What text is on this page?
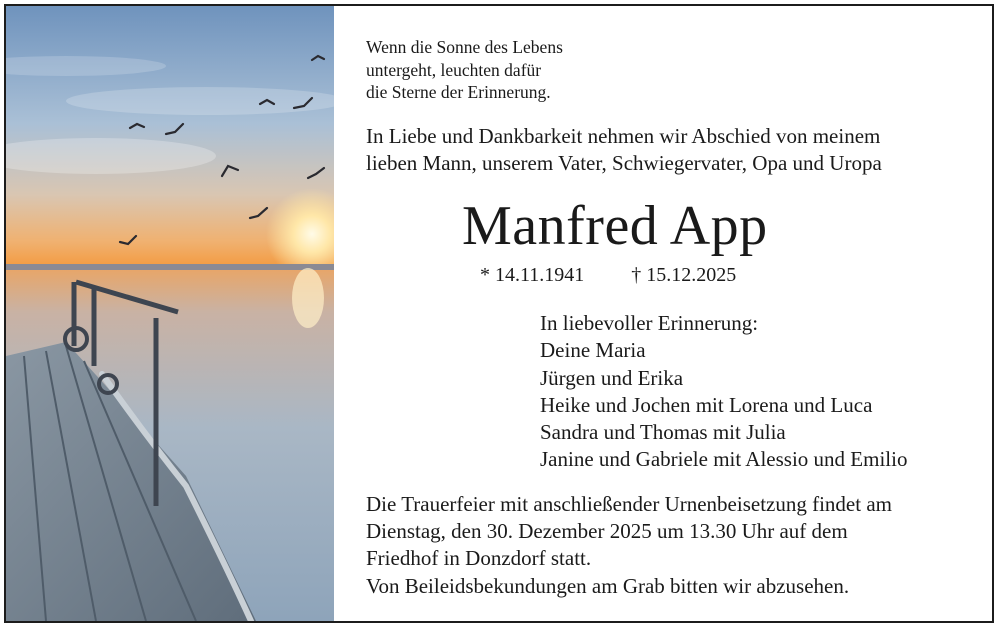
Wenn die Sonne des Lebens
untergeht, leuchten dafür
die Sterne der Erinnerung.
In Liebe und Dankbarkeit nehmen wir Abschied von meinem
lieben Mann, unserem Vater, Schwiegervater, Opa und Uropa
Manfred App
* 14.11.1941 † 15.12.2025
In liebevoller Erinnerung:
Deine Maria
Jürgen und Erika
Heike und Jochen mit Lorena und Luca
Sandra und Thomas mit Julia
Janine und Gabriele mit Alessio und Emilio
Die Trauerfeier mit anschließender Urnenbeisetzung findet am
Dienstag, den 30. Dezember 2025 um 13.30 Uhr auf dem
Friedhof in Donzdorf statt.
Von Beileidsbekundungen am Grab bitten wir abzusehen.
